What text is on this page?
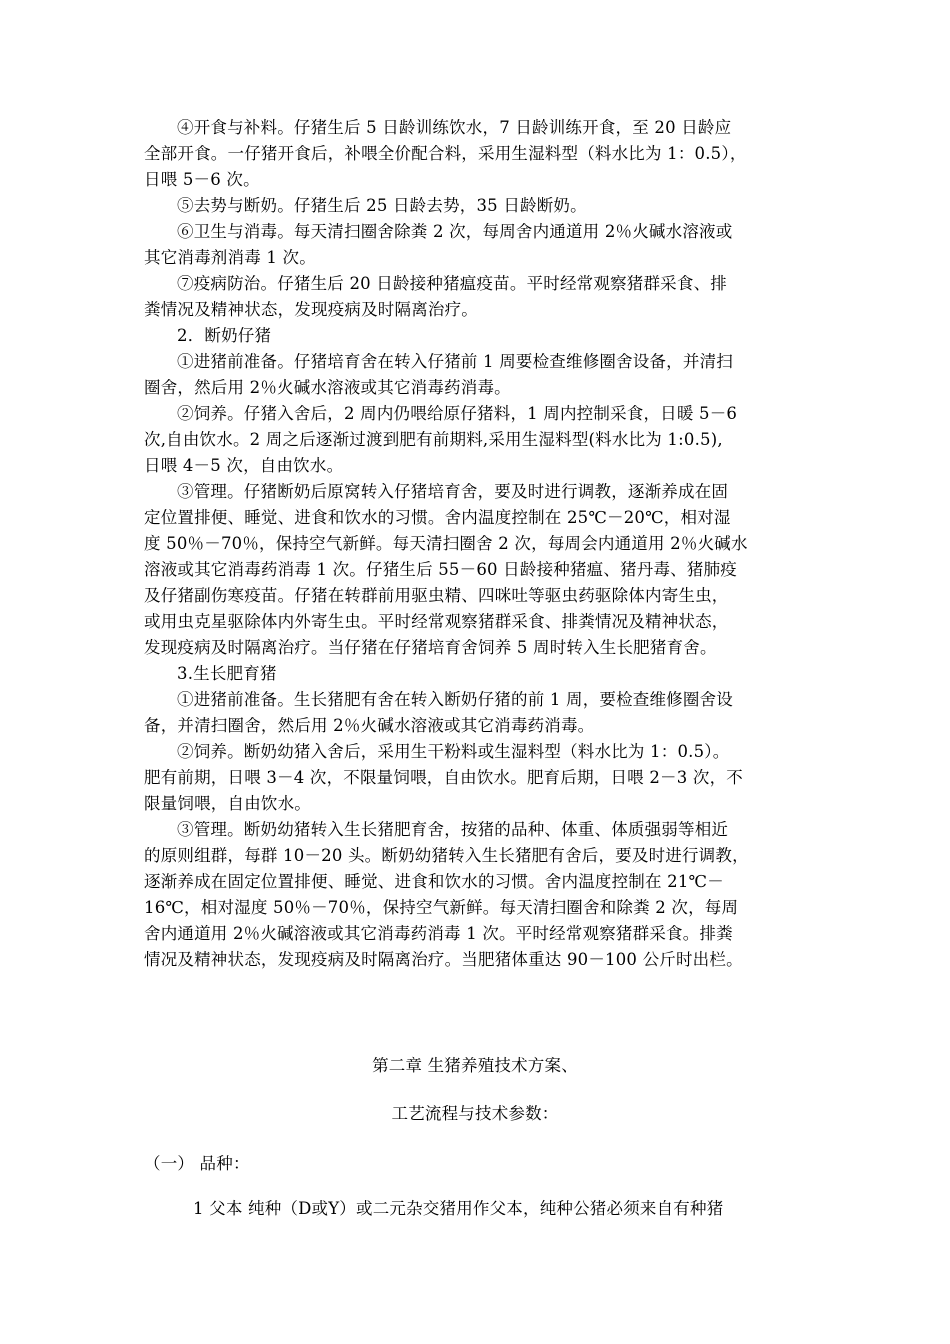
④开食与补料。仔猪生后 5 日龄训练饮水，7 日龄训练开食，至 20 日龄应
全部开食。一仔猪开食后，补喂全价配合料，采用生湿料型（料水比为 1：0.5），
日喂 5－6 次。
⑤去势与断奶。仔猪生后 25 日龄去势，35 日龄断奶。
⑥卫生与消毒。每天清扫圈舍除粪 2 次，每周舍内通道用 2％火碱水溶液或
其它消毒剂消毒 1 次。
⑦疫病防治。仔猪生后 20 日龄接种猪瘟疫苗。平时经常观察猪群采食、排
粪情况及精神状态，发现疫病及时隔离治疗。
2．断奶仔猪
①进猪前准备。仔猪培育舍在转入仔猪前 1 周要检查维修圈舍设备，并清扫
圈舍，然后用 2％火碱水溶液或其它消毒药消毒。
②饲养。仔猪入舍后，2 周内仍喂给原仔猪料，1 周内控制采食，日暖 5－6
次,自由饮水。2 周之后逐渐过渡到肥有前期料,采用生湿料型(料水比为 1:0.5),
日喂 4－5 次，自由饮水。
③管理。仔猪断奶后原窝转入仔猪培育舍，要及时进行调教，逐渐养成在固
定位置排便、睡觉、进食和饮水的习惯。舍内温度控制在 25℃－20℃，相对湿
度 50％－70％，保持空气新鲜。每天清扫圈舍 2 次，每周会内通道用 2％火碱水
溶液或其它消毒药消毒 1 次。仔猪生后 55－60 日龄接种猪瘟、猪丹毒、猪肺疫
及仔猪副伤寒疫苗。仔猪在转群前用驱虫精、四咪吐等驱虫药驱除体内寄生虫，
或用虫克星驱除体内外寄生虫。平时经常观察猪群采食、排粪情况及精神状态，
发现疫病及时隔离治疗。当仔猪在仔猪培育舍饲养 5 周时转入生长肥猪育舍。
3.生长肥育猪
①进猪前准备。生长猪肥有舍在转入断奶仔猪的前 1 周，要检查维修圈舍设
备，并清扫圈舍，然后用 2％火碱水溶液或其它消毒药消毒。
②饲养。断奶幼猪入舍后，采用生干粉料或生湿料型（料水比为 1：0.5）。
肥有前期，日喂 3－4 次，不限量饲喂，自由饮水。肥育后期，日喂 2－3 次，不
限量饲喂，自由饮水。
③管理。断奶幼猪转入生长猪肥育舍，按猪的品种、体重、体质强弱等相近
的原则组群，每群 10－20 头。断奶幼猪转入生长猪肥有舍后，要及时进行调教，
逐渐养成在固定位置排便、睡觉、进食和饮水的习惯。舍内温度控制在 21℃－
16℃，相对湿度 50％－70％，保持空气新鲜。每天清扫圈舍和除粪 2 次，每周
舍内通道用 2％火碱溶液或其它消毒药消毒 1 次。平时经常观察猪群采食。排粪
情况及精神状态，发现疫病及时隔离治疗。当肥猪体重达 90－100 公斤时出栏。
第二章 生猪养殖技术方案、
工艺流程与技术参数：
（一） 品种：
1 父本 纯种（D或Y）或二元杂交猪用作父本，纯种公猪必须来自有种猪
